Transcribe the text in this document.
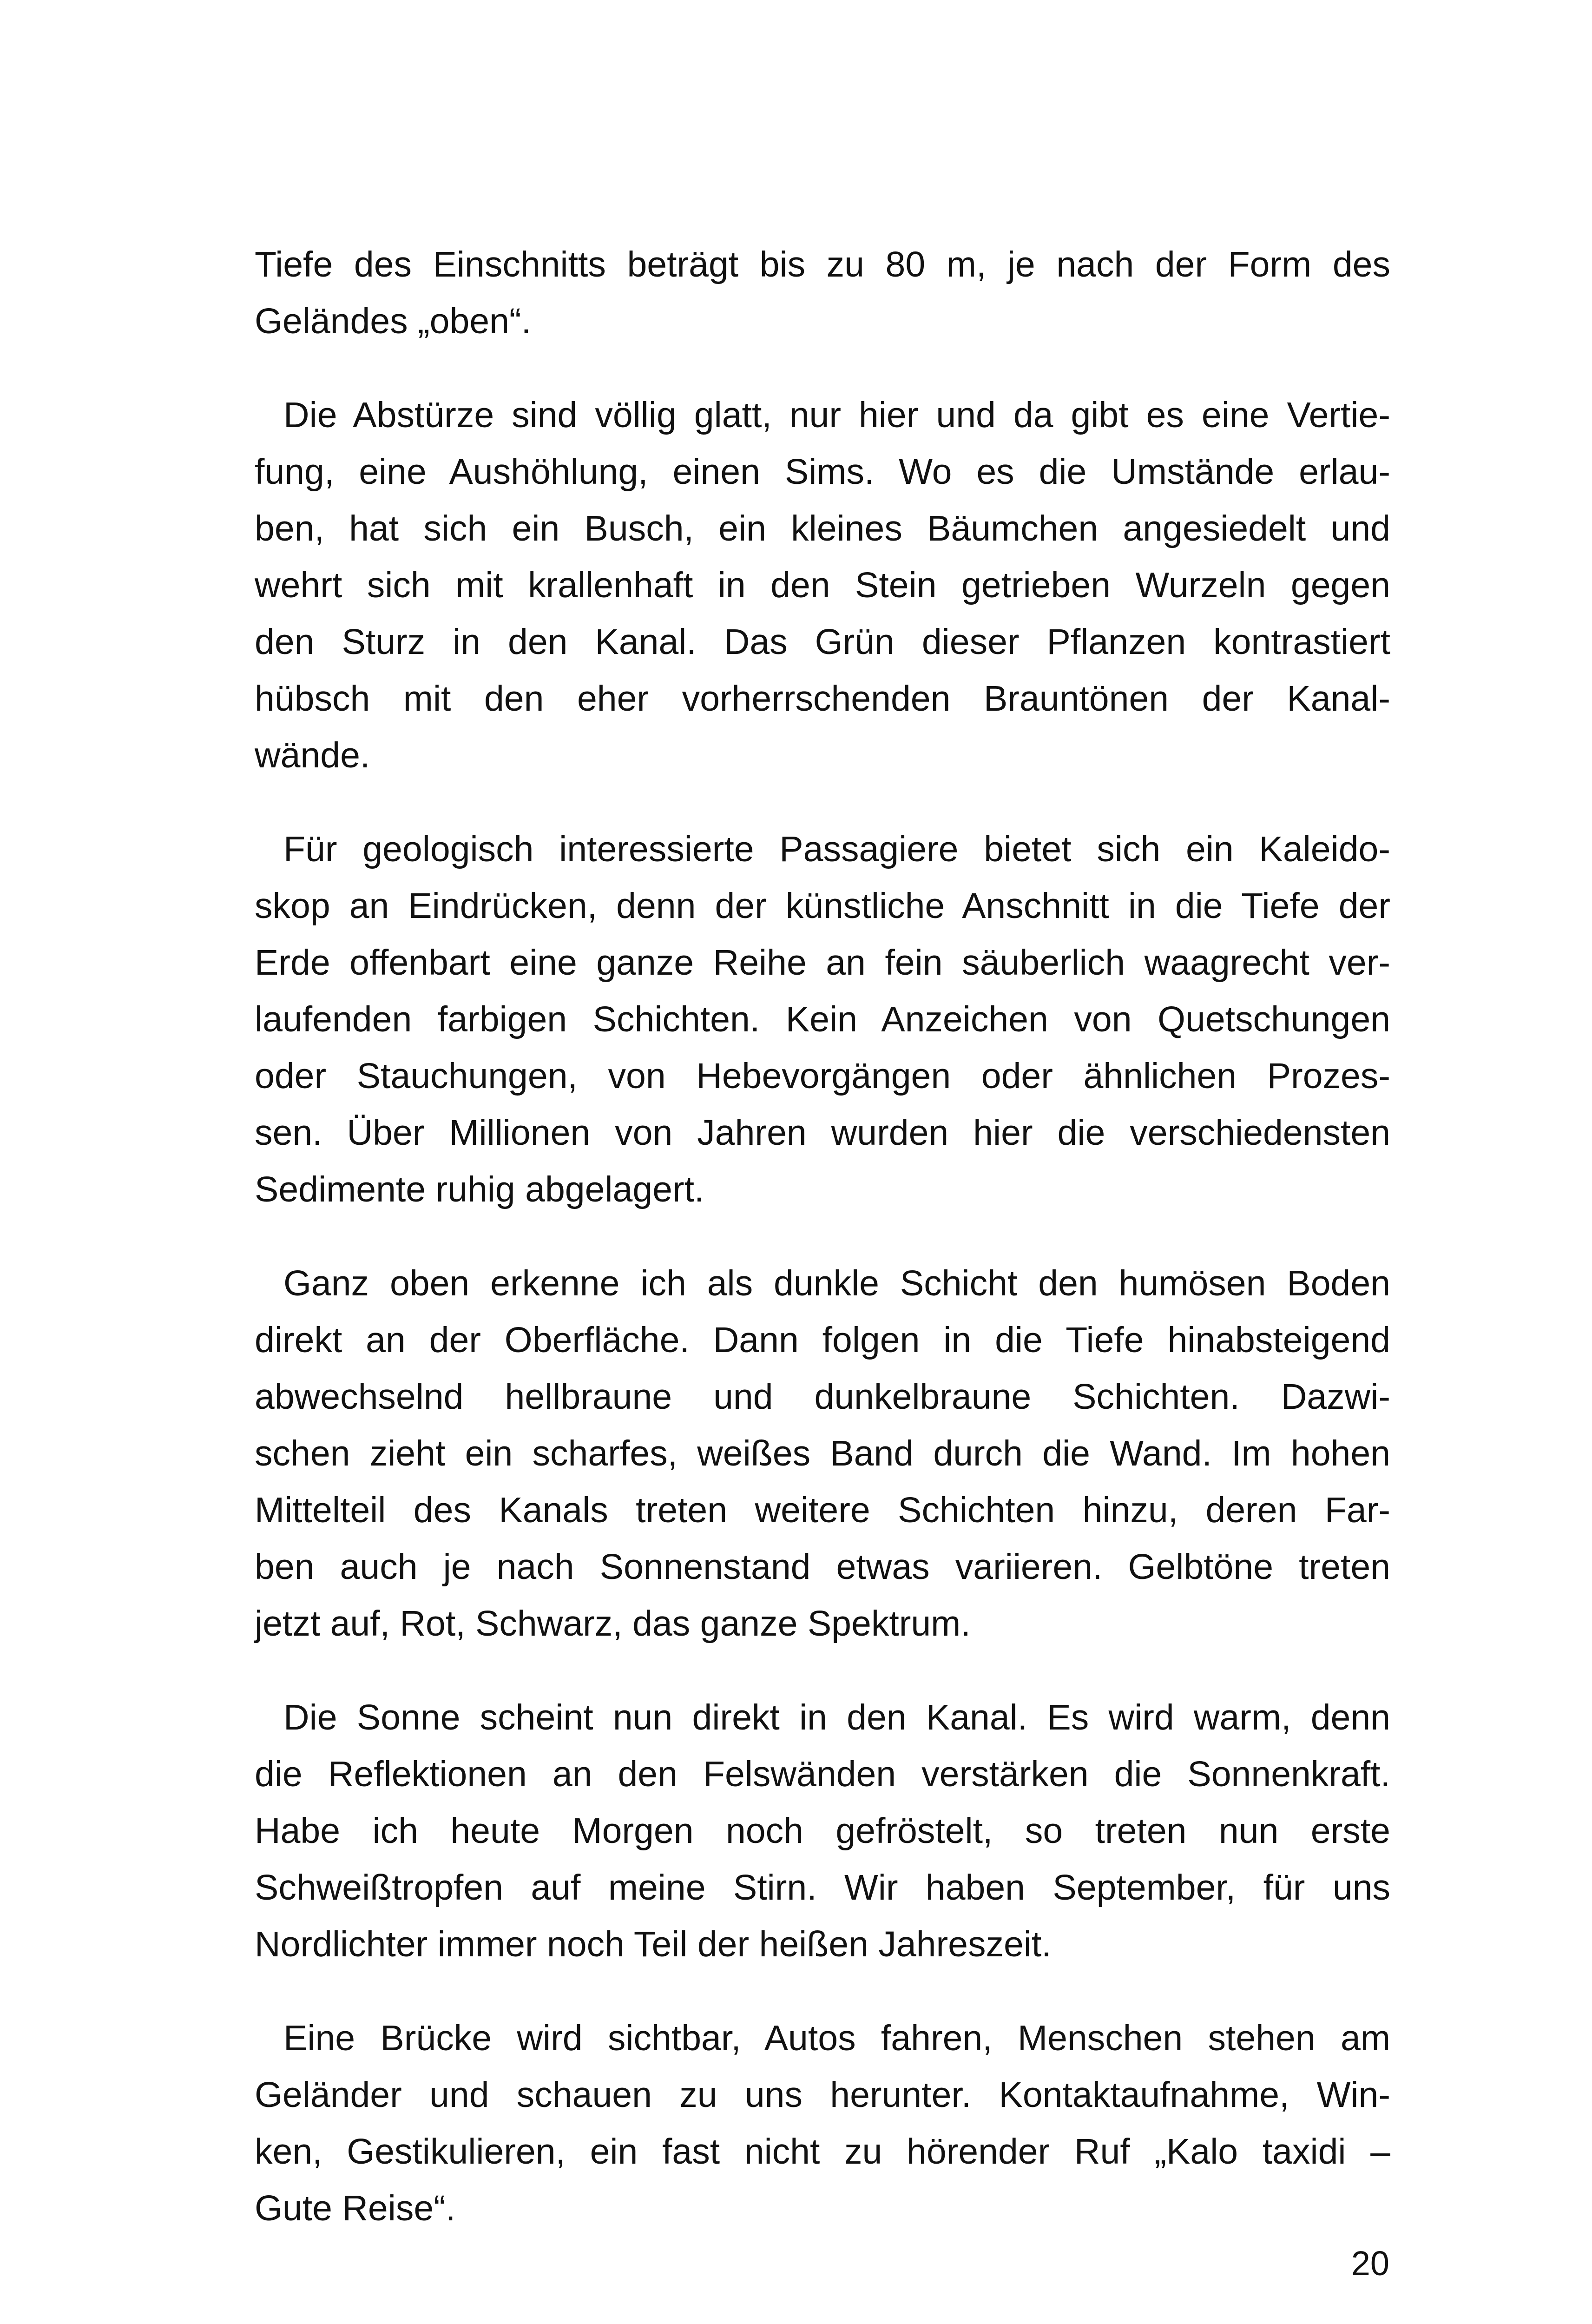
Tiefe des Einschnitts beträgt bis zu 80 m, je nach der Form des
Geländes „oben“.
Die Abstürze sind völlig glatt, nur hier und da gibt es eine Vertie-
fung, eine Aushöhlung, einen Sims. Wo es die Umstände erlau-
ben, hat sich ein Busch, ein kleines Bäumchen angesiedelt und
wehrt sich mit krallenhaft in den Stein getrieben Wurzeln gegen
den Sturz in den Kanal. Das Grün dieser Pflanzen kontrastiert
hübsch mit den eher vorherrschenden Brauntönen der Kanal-
wände.
Für geologisch interessierte Passagiere bietet sich ein Kaleido-
skop an Eindrücken, denn der künstliche Anschnitt in die Tiefe der
Erde offenbart eine ganze Reihe an fein säuberlich waagrecht ver-
laufenden farbigen Schichten. Kein Anzeichen von Quetschungen
oder Stauchungen, von Hebevorgängen oder ähnlichen Prozes-
sen. Über Millionen von Jahren wurden hier die verschiedensten
Sedimente ruhig abgelagert.
Ganz oben erkenne ich als dunkle Schicht den humösen Boden
direkt an der Oberfläche. Dann folgen in die Tiefe hinabsteigend
abwechselnd hellbraune und dunkelbraune Schichten. Dazwi-
schen zieht ein scharfes, weißes Band durch die Wand. Im hohen
Mittelteil des Kanals treten weitere Schichten hinzu, deren Far-
ben auch je nach Sonnenstand etwas variieren. Gelbtöne treten
jetzt auf, Rot, Schwarz, das ganze Spektrum.
Die Sonne scheint nun direkt in den Kanal. Es wird warm, denn
die Reflektionen an den Felswänden verstärken die Sonnenkraft.
Habe ich heute Morgen noch gefröstelt, so treten nun erste
Schweißtropfen auf meine Stirn. Wir haben September, für uns
Nordlichter immer noch Teil der heißen Jahreszeit.
Eine Brücke wird sichtbar, Autos fahren, Menschen stehen am
Geländer und schauen zu uns herunter. Kontaktaufnahme, Win-
ken, Gestikulieren, ein fast nicht zu hörender Ruf „Kalo taxidi –
Gute Reise“.
20
